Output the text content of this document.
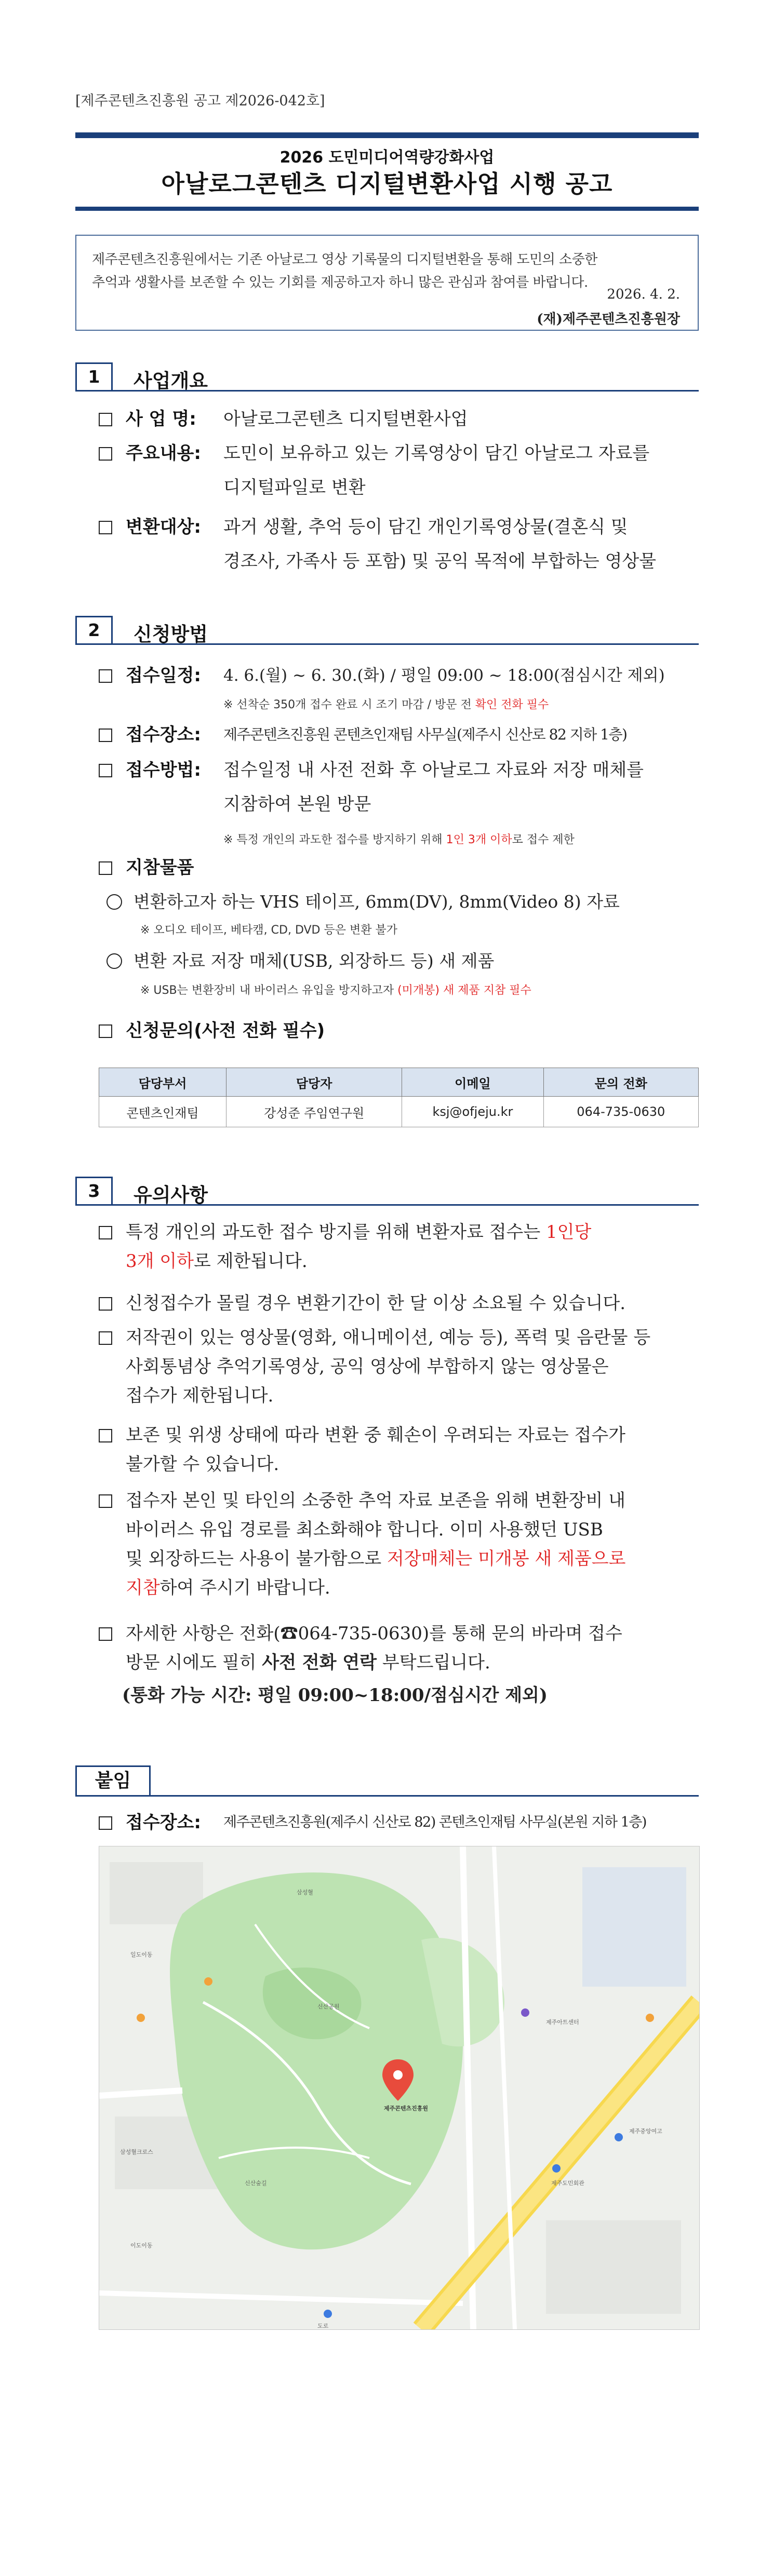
[제주콘텐츠진흥원 공고 제2026-042호]
2026 도민미디어역량강화사업
아날로그콘텐츠 디지털변환사업 시행 공고
제주콘텐츠진흥원에서는 기존 아날로그 영상 기록물의 디지털변환을 통해 도민의 소중한
추억과 생활사를 보존할 수 있는 기회를 제공하고자 하니 많은 관심과 참여를 바랍니다.
2026. 4. 2.
(재)제주콘텐츠진흥원장
1	사업개요
사 업 명: 아날로그콘텐츠 디지털변환사업
주요내용: 도민이 보유하고 있는 기록영상이 담긴 아날로그 자료를
디지털파일로 변환
변환대상: 과거 생활, 추억 등이 담긴 개인기록영상물(결혼식 및
경조사, 가족사 등 포함) 및 공익 목적에 부합하는 영상물
2	신청방법
접수일정: 4. 6.(월) ~ 6. 30.(화) / 평일 09:00 ~ 18:00(점심시간 제외)
※ 선착순 350개 접수 완료 시 조기 마감 / 방문 전 확인 전화 필수
접수장소: 제주콘텐츠진흥원 콘텐츠인재팀 사무실(제주시 신산로 82 지하 1층)
접수방법: 접수일정 내 사전 전화 후 아날로그 자료와 저장 매체를
지참하여 본원 방문
※ 특정 개인의 과도한 접수를 방지하기 위해 1인 3개 이하로 접수 제한
지참물품
변환하고자 하는 VHS 테이프, 6mm(DV), 8mm(Video 8) 자료
※ 오디오 테이프, 베타캠, CD, DVD 등은 변환 불가
변환 자료 저장 매체(USB, 외장하드 등) 새 제품
※ USB는 변환장비 내 바이러스 유입을 방지하고자 (미개봉) 새 제품 지참 필수
신청문의(사전 전화 필수)
담당부서	담당자	이메일	문의 전화
콘텐츠인재팀	강성준 주임연구원	ksj@ofjeju.kr	064-735-0630
3	유의사항
특정 개인의 과도한 접수 방지를 위해 변환자료 접수는 1인당
3개 이하로 제한됩니다.
신청접수가 몰릴 경우 변환기간이 한 달 이상 소요될 수 있습니다.
저작권이 있는 영상물(영화, 애니메이션, 예능 등), 폭력 및 음란물 등
사회통념상 추억기록영상, 공익 영상에 부합하지 않는 영상물은
접수가 제한됩니다.
보존 및 위생 상태에 따라 변환 중 훼손이 우려되는 자료는 접수가
불가할 수 있습니다.
접수자 본인 및 타인의 소중한 추억 자료 보존을 위해 변환장비 내
바이러스 유입 경로를 최소화해야 합니다. 이미 사용했던 USB
및 외장하드는 사용이 불가함으로 저장매체는 미개봉 새 제품으로
지참하여 주시기 바랍니다.
자세한 사항은 전화(☎064-735-0630)를 통해 문의 바라며 접수
방문 시에도 필히 사전 전화 연락 부탁드립니다.
(통화 가능 시간: 평일 09:00~18:00/점심시간 제외)
붙임
접수장소: 제주콘텐츠진흥원(제주시 신산로 82) 콘텐츠인재팀 사무실(본원 지하 1층)
제주콘텐츠진흥원
삼성혈
신산공원
제주아트센터
일도이동
제주중앙여고
신산숲길
삼성혈크로스
제주도민회관
이도이동
도로
